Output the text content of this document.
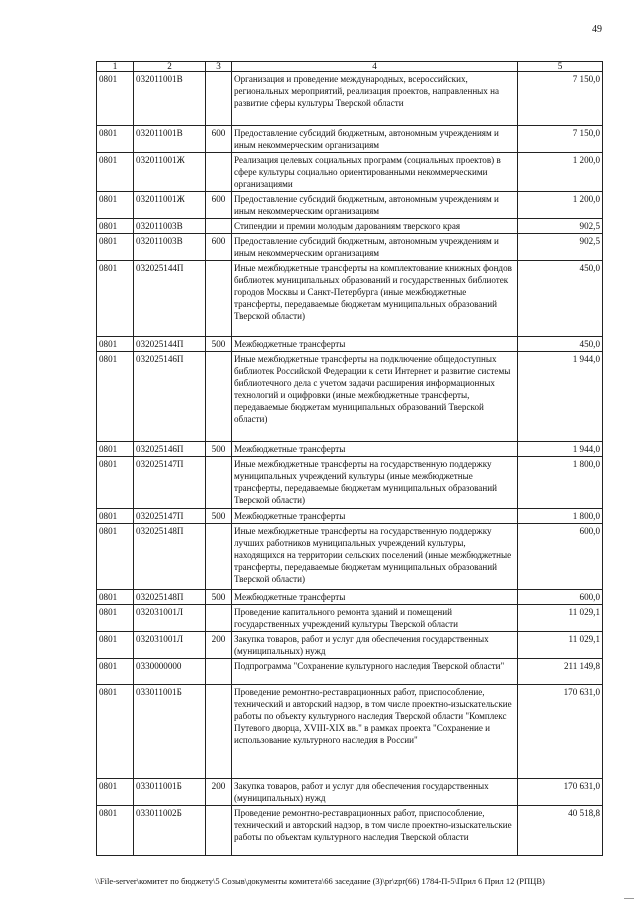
49
1	2	3	4	5
0801	032011001В		Организация и проведение международных, всероссийских, региональных мероприятий, реализация проектов, направленных на развитие сферы культуры Тверской области	7 150,0
0801	032011001В	600	Предоставление субсидий бюджетным, автономным учреждениям и иным некоммерческим организациям	7 150,0
0801	032011001Ж		Реализация целевых социальных программ (социальных проектов) в сфере культуры социально ориентированными некоммерческими организациями	1 200,0
0801	032011001Ж	600	Предоставление субсидий бюджетным, автономным учреждениям и иным некоммерческим организациям	1 200,0
0801	032011003В		Стипендии и премии молодым дарованиям тверского края	902,5
0801	032011003В	600	Предоставление субсидий бюджетным, автономным учреждениям и иным некоммерческим организациям	902,5
0801	032025144П		Иные межбюджетные трансферты на комплектование книжных фондов библиотек муниципальных образований и государственных библиотек городов Москвы и Санкт-Петербурга (иные межбюджетные трансферты, передаваемые бюджетам муниципальных образований Тверской области)	450,0
0801	032025144П	500	Межбюджетные трансферты	450,0
0801	032025146П		Иные межбюджетные трансферты на подключение общедоступных библиотек Российской Федерации к сети Интернет и развитие системы библиотечного дела с учетом задачи расширения информационных технологий и оцифровки (иные межбюджетные трансферты, передаваемые бюджетам муниципальных образований Тверской области)	1 944,0
0801	032025146П	500	Межбюджетные трансферты	1 944,0
0801	032025147П		Иные межбюджетные трансферты на государственную поддержку муниципальных учреждений культуры (иные межбюджетные трансферты, передаваемые бюджетам муниципальных образований Тверской области)	1 800,0
0801	032025147П	500	Межбюджетные трансферты	1 800,0
0801	032025148П		Иные межбюджетные трансферты на государственную поддержку лучших работников муниципальных учреждений культуры, находящихся на территории сельских поселений (иные межбюджетные трансферты, передаваемые бюджетам муниципальных образований Тверской области)	600,0
0801	032025148П	500	Межбюджетные трансферты	600,0
0801	032031001Л		Проведение капитального ремонта зданий и помещений государственных учреждений культуры Тверской области	11 029,1
0801	032031001Л	200	Закупка товаров, работ и услуг для обеспечения государственных (муниципальных) нужд	11 029,1
0801	0330000000		Подпрограмма "Сохранение культурного наследия Тверской области"	211 149,8
0801	033011001Б		Проведение ремонтно-реставрационных работ, приспособление, технический и авторский надзор, в том числе проектно-изыскательские работы по объекту культурного наследия Тверской области "Комплекс Путевого дворца, XVIII-XIX вв." в рамках проекта "Сохранение и использование культурного наследия в России"	170 631,0
0801	033011001Б	200	Закупка товаров, работ и услуг для обеспечения государственных (муниципальных) нужд	170 631,0
0801	033011002Б		Проведение ремонтно-реставрационных работ, приспособление, технический и авторский надзор, в том числе проектно-изыскательские работы по объектам культурного наследия Тверской области	40 518,8
\\File-server\комитет по бюджету\5 Созыв\документы комитета\66 заседание (3)\pr\zpr(66) 1784-П-5\Прил 6 Прил 12 (РПЦВ)
